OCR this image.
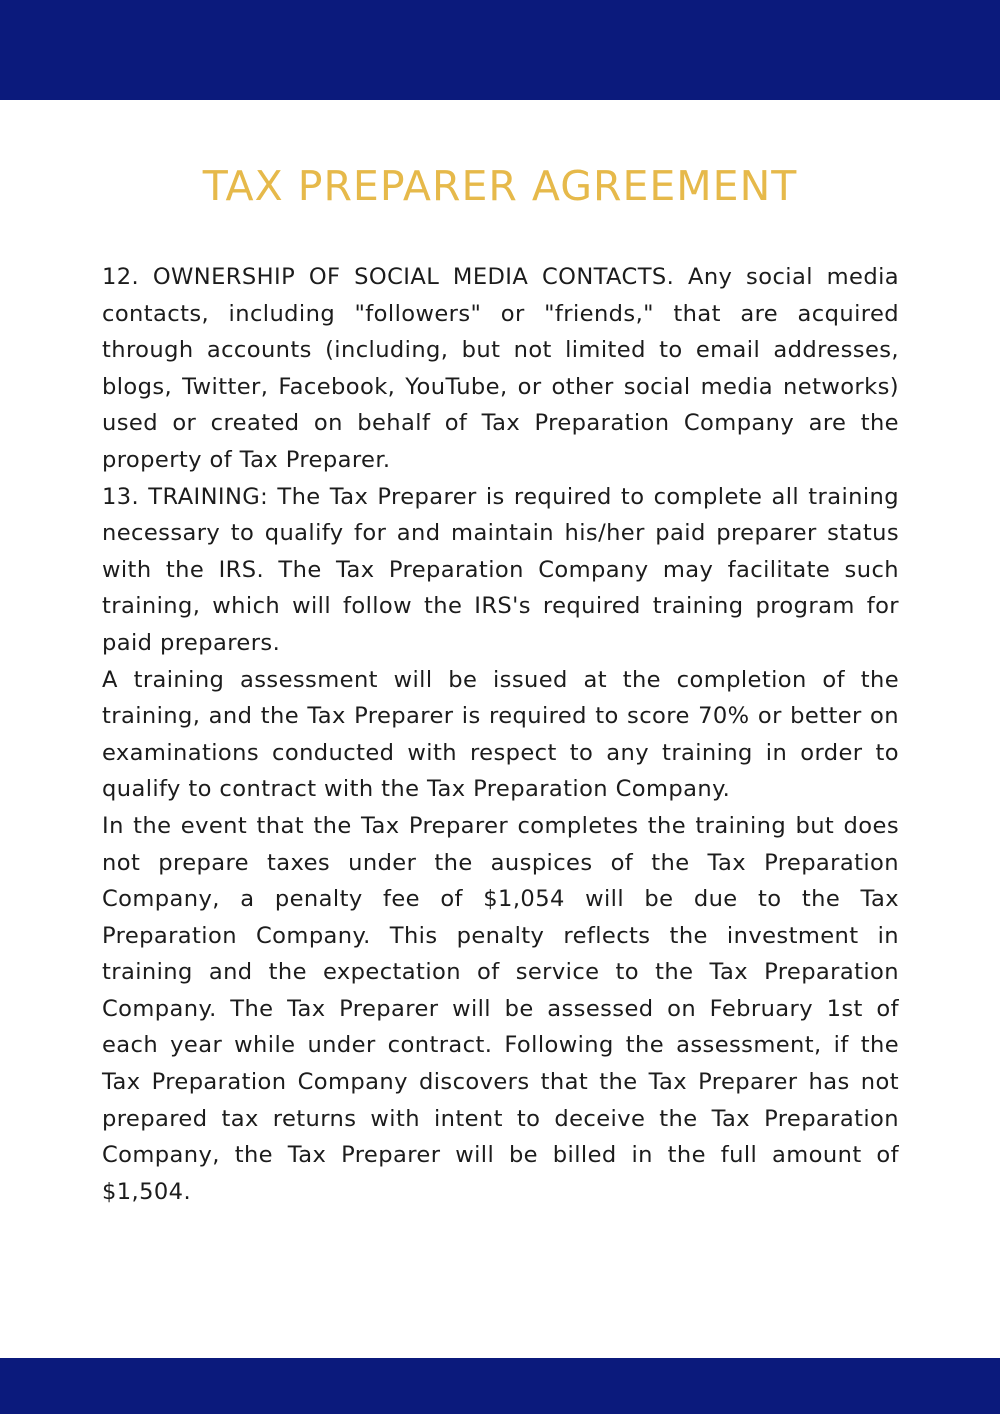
TAX PREPARER AGREEMENT

12. OWNERSHIP OF SOCIAL MEDIA CONTACTS. Any social media contacts, including "followers" or "friends," that are acquired through accounts (including, but not limited to email addresses, blogs, Twitter, Facebook, YouTube, or other social media networks) used or created on behalf of Tax Preparation Company are the property of Tax Preparer.

13. TRAINING: The Tax Preparer is required to complete all training necessary to qualify for and maintain his/her paid preparer status with the IRS. The Tax Preparation Company may facilitate such training, which will follow the IRS's required training program for paid preparers.

A training assessment will be issued at the completion of the training, and the Tax Preparer is required to score 70% or better on examinations conducted with respect to any training in order to qualify to contract with the Tax Preparation Company.

In the event that the Tax Preparer completes the training but does not prepare taxes under the auspices of the Tax Preparation Company, a penalty fee of $1,054 will be due to the Tax Preparation Company. This penalty reflects the investment in training and the expectation of service to the Tax Preparation Company. The Tax Preparer will be assessed on February 1st of each year while under contract. Following the assessment, if the Tax Preparation Company discovers that the Tax Preparer has not prepared tax returns with intent to deceive the Tax Preparation Company, the Tax Preparer will be billed in the full amount of $1,504.
